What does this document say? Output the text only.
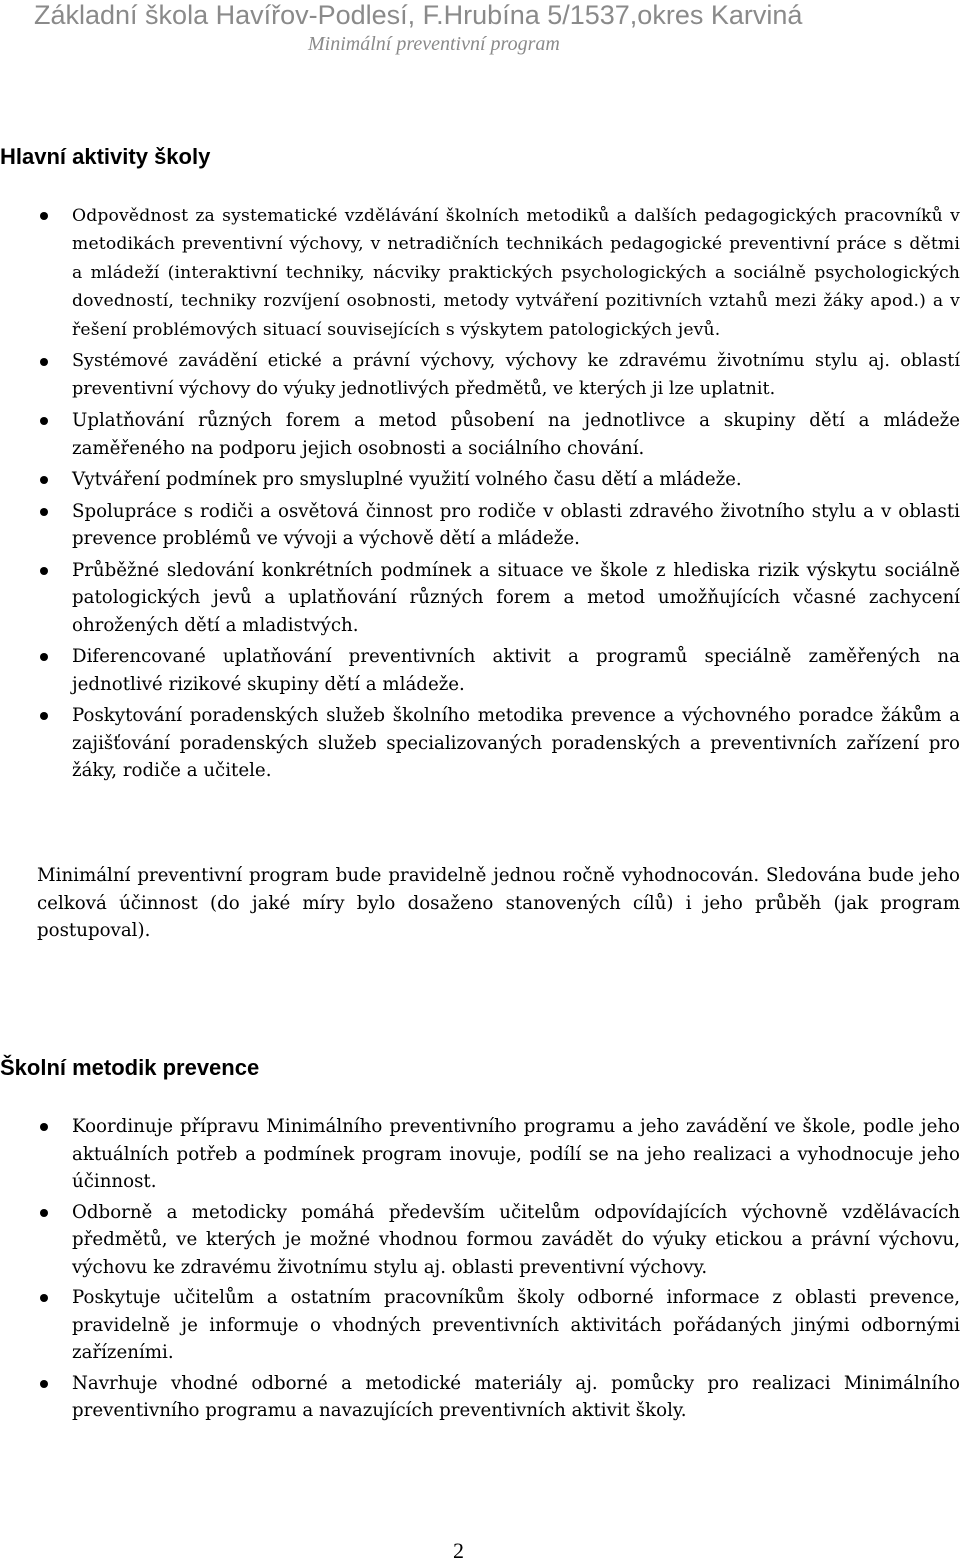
Základní škola Havířov-Podlesí, F.Hrubína 5/1537,okres Karviná
Minimální preventivní program
Hlavní aktivity školy
Odpovědnost za systematické vzdělávání školních metodiků a dalších pedagogických pracovníků v metodikách preventivní výchovy, v netradičních technikách pedagogické preventivní práce s dětmi a mládeží (interaktivní techniky, nácviky praktických psychologických a sociálně psychologických dovedností, techniky rozvíjení osobnosti, metody vytváření pozitivních vztahů mezi žáky apod.) a v řešení problémových situací souvisejících s výskytem patologických jevů.
Systémové zavádění etické a právní výchovy, výchovy ke zdravému životnímu stylu aj. oblastí preventivní výchovy do výuky jednotlivých předmětů, ve kterých ji lze uplatnit.
Uplatňování různých forem a metod působení na jednotlivce a skupiny dětí a mládeže zaměřeného na podporu jejich osobnosti a sociálního chování.
Vytváření podmínek pro smysluplné využití volného času dětí a mládeže.
Spolupráce s rodiči a osvětová činnost pro rodiče v oblasti zdravého životního stylu a v oblasti prevence problémů ve vývoji a výchově dětí a mládeže.
Průběžné sledování konkrétních podmínek a situace ve škole z hlediska rizik výskytu sociálně patologických jevů a uplatňování různých forem a metod umožňujících včasné zachycení ohrožených dětí a mladistvých.
Diferencované uplatňování preventivních aktivit a programů speciálně zaměřených na jednotlivé rizikové skupiny dětí a mládeže.
Poskytování poradenských služeb školního metodika prevence a výchovného poradce žákům a zajišťování poradenských služeb specializovaných poradenských a preventivních zařízení pro žáky, rodiče a učitele.

Minimální preventivní program bude pravidelně jednou ročně vyhodnocován. Sledována bude jeho celková účinnost (do jaké míry bylo dosaženo stanovených cílů) i jeho průběh (jak program postupoval).

Školní metodik prevence
Koordinuje přípravu Minimálního preventivního programu a jeho zavádění ve škole, podle jeho aktuálních potřeb a podmínek program inovuje, podílí se na jeho realizaci a vyhodnocuje jeho účinnost.
Odborně a metodicky pomáhá především učitelům odpovídajících výchovně vzdělávacích předmětů, ve kterých je možné vhodnou formou zavádět do výuky etickou a právní výchovu, výchovu ke zdravému životnímu stylu aj. oblasti preventivní výchovy.
Poskytuje učitelům a ostatním pracovníkům školy odborné informace z oblasti prevence, pravidelně je informuje o vhodných preventivních aktivitách pořádaných jinými odbornými zařízeními.
Navrhuje vhodné odborné a metodické materiály aj. pomůcky pro realizaci Minimálního preventivního programu a navazujících preventivních aktivit školy.
2
